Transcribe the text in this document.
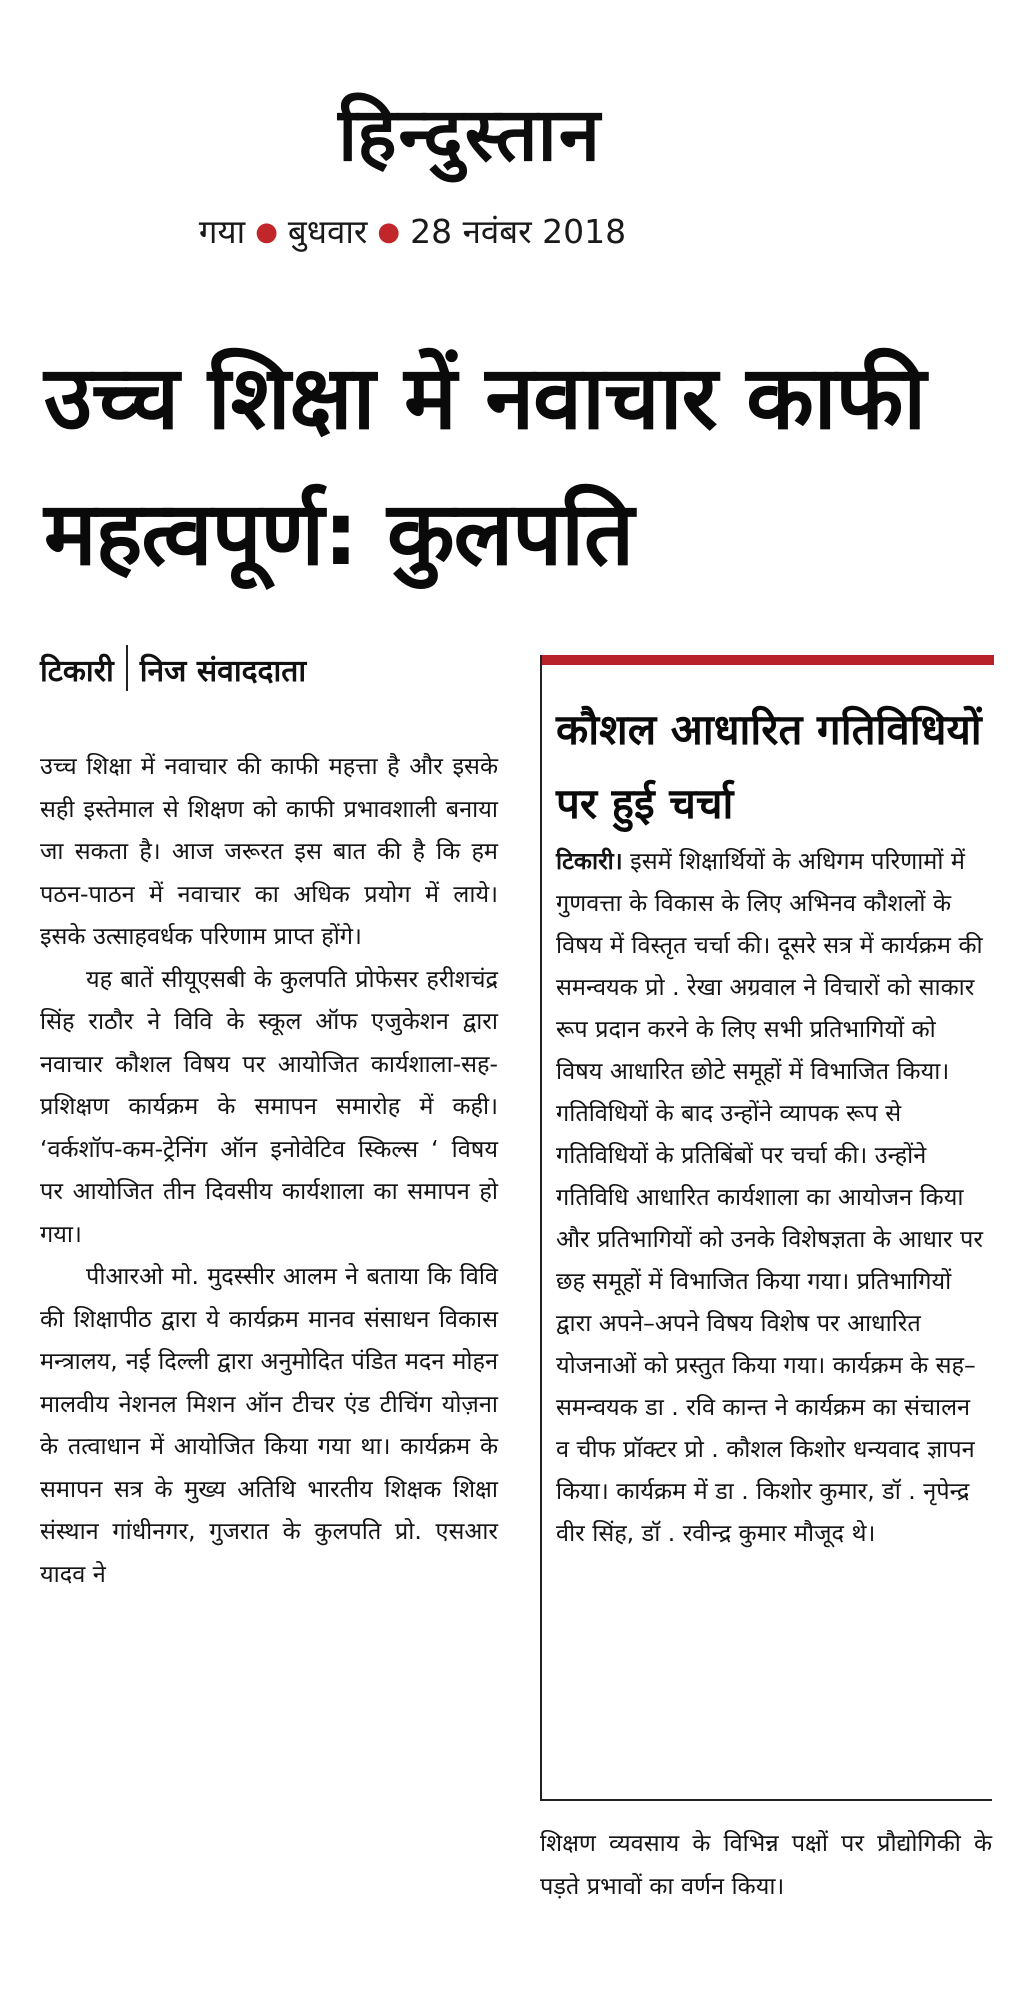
हिन्दुस्तान
गया ● बुधवार ● 28 नवंबर 2018
उच्च शिक्षा में नवाचार काफी महत्वपूर्ण: कुलपति
टिकारी निज संवाददाता

उच्च शिक्षा में नवाचार की काफी महत्ता है और इसके सही इस्तेमाल से शिक्षण को काफी प्रभावशाली बनाया जा सकता है। आज जरूरत इस बात की है कि हम पठन-पाठन में नवाचार का अधिक प्रयोग में लाये। इसके उत्साहवर्धक परिणाम प्राप्त होंगे।

यह बातें सीयूएसबी के कुलपति प्रोफेसर हरीशचंद्र सिंह राठौर ने विवि के स्कूल ऑफ एजुकेशन द्वारा नवाचार कौशल विषय पर आयोजित कार्यशाला-सह-प्रशिक्षण कार्यक्रम के समापन समारोह में कही। ‘वर्कशॉप-कम-ट्रेनिंग ऑन इनोवेटिव स्किल्स ‘ विषय पर आयोजित तीन दिवसीय कार्यशाला का समापन हो गया।

पीआरओ मो. मुदस्सीर आलम ने बताया कि विवि की शिक्षापीठ द्वारा ये कार्यक्रम मानव संसाधन विकास मन्त्रालय, नई दिल्ली द्वारा अनुमोदित पंडित मदन मोहन मालवीय नेशनल मिशन ऑन टीचर एंड टीचिंग योज़ना के तत्वाधान में आयोजित किया गया था। कार्यक्रम के समापन सत्र के मुख्य अतिथि भारतीय शिक्षक शिक्षा संस्थान गांधीनगर, गुजरात के कुलपति प्रो. एसआर यादव ने

कौशल आधारित गतिविधियों पर हुई चर्चा
टिकारी। इसमें शिक्षार्थियों के अधिगम परिणामों में गुणवत्ता के विकास के लिए अभिनव कौशलों के विषय में विस्तृत चर्चा की। दूसरे सत्र में कार्यक्रम की समन्वयक प्रो . रेखा अग्रवाल ने विचारों को साकार रूप प्रदान करने के लिए सभी प्रतिभागियों को विषय आधारित छोटे समूहों में विभाजित किया। गतिविधियों के बाद उन्होंने व्यापक रूप से गतिविधियों के प्रतिबिंबों पर चर्चा की। उन्होंने गतिविधि आधारित कार्यशाला का आयोजन किया और प्रतिभागियों को उनके विशेषज्ञता के आधार पर छह समूहों में विभाजित किया गया। प्रतिभागियों द्वारा अपने–अपने विषय विशेष पर आधारित योजनाओं को प्रस्तुत किया गया। कार्यक्रम के सह– समन्वयक डा . रवि कान्त ने कार्यक्रम का संचालन व चीफ प्रॉक्टर प्रो . कौशल किशोर धन्यवाद ज्ञापन किया। कार्यक्रम में डा . किशोर कुमार, डॉ . नृपेन्द्र वीर सिंह, डॉ . रवीन्द्र कुमार मौजूद थे।
शिक्षण व्यवसाय के विभिन्न पक्षों पर प्रौद्योगिकी के पड़ते प्रभावों का वर्णन किया।
